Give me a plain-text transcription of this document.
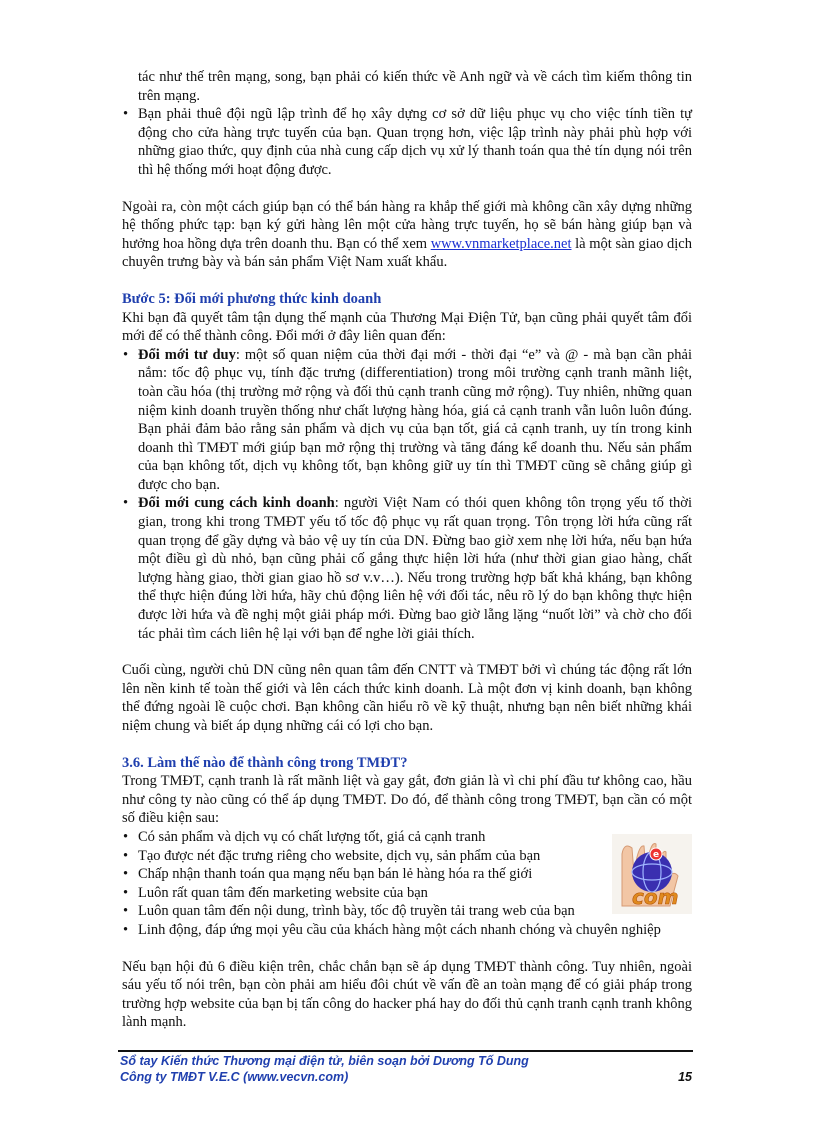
tác như thế trên mạng, song, bạn phải có kiến thức về Anh ngữ và về cách tìm kiếm thông tin trên mạng.

• Bạn phải thuê đội ngũ lập trình để họ xây dựng cơ sở dữ liệu phục vụ cho việc tính tiền tự động cho cửa hàng trực tuyến của bạn. Quan trọng hơn, việc lập trình này phải phù hợp với những giao thức, quy định của nhà cung cấp dịch vụ xử lý thanh toán qua thẻ tín dụng nói trên thì hệ thống mới hoạt động được.

Ngoài ra, còn một cách giúp bạn có thể bán hàng ra khắp thế giới mà không cần xây dựng những hệ thống phức tạp: bạn ký gửi hàng lên một cửa hàng trực tuyến, họ sẽ bán hàng giúp bạn và hưởng hoa hồng dựa trên doanh thu. Bạn có thể xem www.vnmarketplace.net là một sàn giao dịch chuyên trưng bày và bán sản phẩm Việt Nam xuất khẩu.

Bước 5: Đổi mới phương thức kinh doanh

Khi bạn đã quyết tâm tận dụng thế mạnh của Thương Mại Điện Tử, bạn cũng phải quyết tâm đổi mới để có thể thành công. Đổi mới ở đây liên quan đến:

• Đổi mới tư duy: một số quan niệm của thời đại mới - thời đại “e” và @ - mà bạn cần phải nắm: tốc độ phục vụ, tính đặc trưng (differentiation) trong môi trường cạnh tranh mãnh liệt, toàn cầu hóa (thị trường mở rộng và đối thủ cạnh tranh cũng mở rộng). Tuy nhiên, những quan niệm kinh doanh truyền thống như chất lượng hàng hóa, giá cả cạnh tranh vẫn luôn luôn đúng. Bạn phải đảm bảo rằng sản phẩm và dịch vụ của bạn tốt, giá cả cạnh tranh, uy tín trong kinh doanh thì TMĐT mới giúp bạn mở rộng thị trường và tăng đáng kể doanh thu. Nếu sản phẩm của bạn không tốt, dịch vụ không tốt, bạn không giữ uy tín thì TMĐT cũng sẽ chẳng giúp gì được cho bạn.
• Đổi mới cung cách kinh doanh: người Việt Nam có thói quen không tôn trọng yếu tố thời gian, trong khi trong TMĐT yếu tố tốc độ phục vụ rất quan trọng. Tôn trọng lời hứa cũng rất quan trọng để gầy dựng và bảo vệ uy tín của DN. Đừng bao giờ xem nhẹ lời hứa, nếu bạn hứa một điều gì dù nhỏ, bạn cũng phải cố gắng thực hiện lời hứa (như thời gian giao hàng, chất lượng hàng giao, thời gian giao hồ sơ v.v…). Nếu trong trường hợp bất khả kháng, bạn không thể thực hiện đúng lời hứa, hãy chủ động liên hệ với đối tác, nêu rõ lý do bạn không thực hiện được lời hứa và đề nghị một giải pháp mới. Đừng bao giờ lẵng lặng “nuốt lời” và chờ cho đối tác phải tìm cách liên hệ lại với bạn để nghe lời giải thích.

Cuối cùng, người chủ DN cũng nên quan tâm đến CNTT và TMĐT bởi vì chúng tác động rất lớn lên nền kinh tế toàn thế giới và lên cách thức kinh doanh. Là một đơn vị kinh doanh, bạn không thể đứng ngoài lề cuộc chơi. Bạn không cần hiểu rõ về kỹ thuật, nhưng bạn nên biết những khái niệm chung và biết áp dụng những cái có lợi cho bạn.

3.6. Làm thế nào để thành công trong TMĐT?

Trong TMĐT, cạnh tranh là rất mãnh liệt và gay gắt, đơn giản là vì chi phí đầu tư không cao, hầu như công ty nào cũng có thể áp dụng TMĐT. Do đó, để thành công trong TMĐT, bạn cần có một số điều kiện sau:

• Có sản phẩm và dịch vụ có chất lượng tốt, giá cả cạnh tranh
• Tạo được nét đặc trưng riêng cho website, dịch vụ, sản phẩm của bạn
• Chấp nhận thanh toán qua mạng nếu bạn bán lẻ hàng hóa ra thế giới
• Luôn rất quan tâm đến marketing website của bạn
• Luôn quan tâm đến nội dung, trình bày, tốc độ truyền tải trang web của bạn
• Linh động, đáp ứng mọi yêu cầu của khách hàng một cách nhanh chóng và chuyên nghiệp

Nếu bạn hội đủ 6 điều kiện trên, chắc chắn bạn sẽ áp dụng TMĐT thành công. Tuy nhiên, ngoài sáu yếu tố nói trên, bạn còn phải am hiểu đôi chút về vấn đề an toàn mạng để có giải pháp trong trường hợp website của bạn bị tấn công do hacker phá hay do đối thủ cạnh tranh cạnh tranh không lành mạnh.

e
com
Sổ tay Kiến thức Thương mại điện tử, biên soạn bởi Dương Tố Dung
Công ty TMĐT V.E.C (www.vecvn.com)	15
